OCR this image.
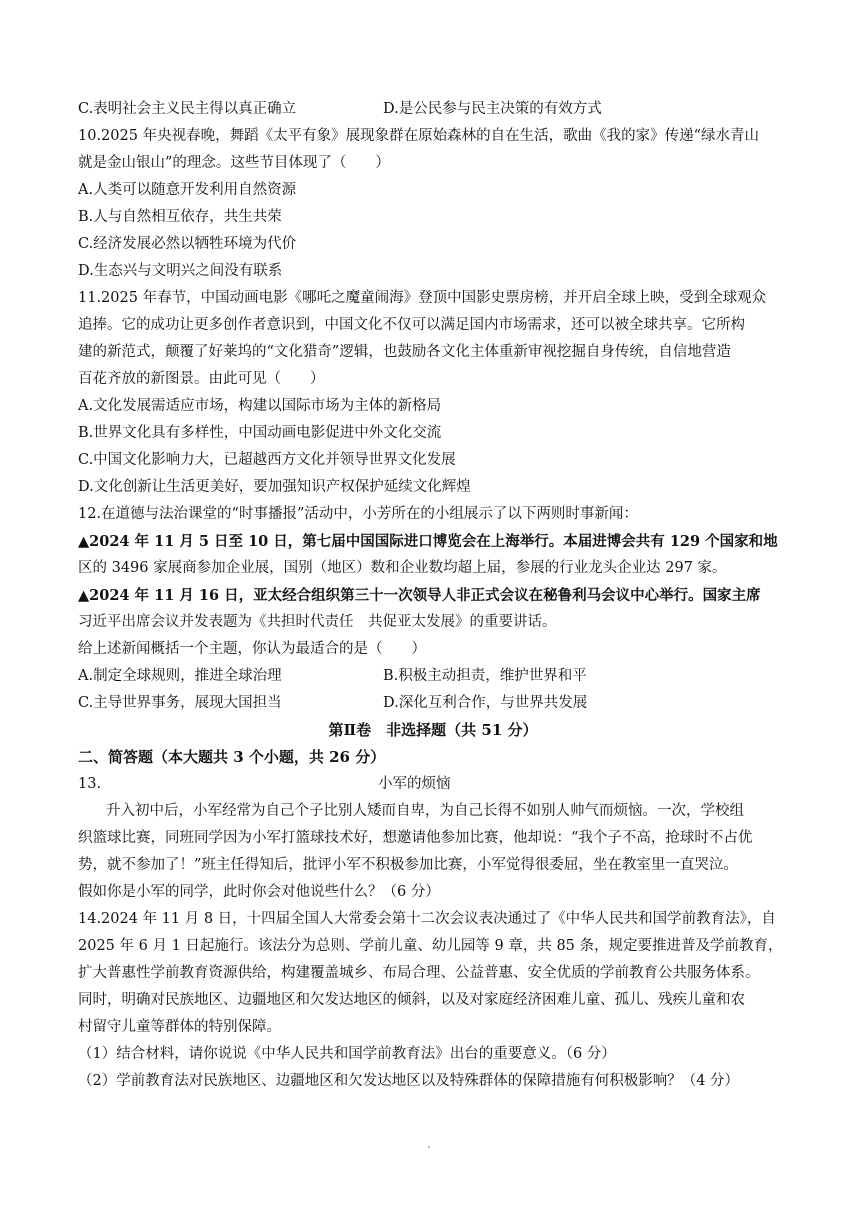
C.表明社会主义民主得以真正确立	D.是公民参与民主决策的有效方式
10.2025 年央视春晚，舞蹈《太平有象》展现象群在原始森林的自在生活，歌曲《我的家》传递“绿水青山
就是金山银山”的理念。这些节目体现了（　　）
A.人类可以随意开发利用自然资源
B.人与自然相互依存，共生共荣
C.经济发展必然以牺牲环境为代价
D.生态兴与文明兴之间没有联系
11.2025 年春节，中国动画电影《哪吒之魔童闹海》登顶中国影史票房榜，并开启全球上映，受到全球观众
追捧。它的成功让更多创作者意识到，中国文化不仅可以满足国内市场需求，还可以被全球共享。它所构
建的新范式，颠覆了好莱坞的“文化猎奇”逻辑，也鼓励各文化主体重新审视挖掘自身传统，自信地营造
百花齐放的新图景。由此可见（　　）
A.文化发展需适应市场，构建以国际市场为主体的新格局
B.世界文化具有多样性，中国动画电影促进中外文化交流
C.中国文化影响力大，已超越西方文化并领导世界文化发展
D.文化创新让生活更美好，要加强知识产权保护延续文化辉煌
12.在道德与法治课堂的“时事播报”活动中，小芳所在的小组展示了以下两则时事新闻：
▲2024 年 11 月 5 日至 10 日，第七届中国国际进口博览会在上海举行。本届进博会共有 129 个国家和地
区的 3496 家展商参加企业展，国别（地区）数和企业数均超上届，参展的行业龙头企业达 297 家。
▲2024 年 11 月 16 日，亚太经合组织第三十一次领导人非正式会议在秘鲁利马会议中心举行。国家主席
习近平出席会议并发表题为《共担时代责任　共促亚太发展》的重要讲话。
给上述新闻概括一个主题，你认为最适合的是（　　）
A.制定全球规则，推进全球治理	B.积极主动担责，维护世界和平
C.主导世界事务，展现大国担当	D.深化互利合作，与世界共发展
第Ⅱ卷　非选择题（共 51 分）
二、简答题（本大题共 3 个小题，共 26 分）
13.	小军的烦恼
升入初中后，小军经常为自己个子比别人矮而自卑，为自己长得不如别人帅气而烦恼。一次，学校组
织篮球比赛，同班同学因为小军打篮球技术好，想邀请他参加比赛，他却说：“我个子不高，抢球时不占优
势，就不参加了！”班主任得知后，批评小军不积极参加比赛，小军觉得很委屈，坐在教室里一直哭泣。
假如你是小军的同学，此时你会对他说些什么？（6 分）
14.2024 年 11 月 8 日，十四届全国人大常委会第十二次会议表决通过了《中华人民共和国学前教育法》，自
2025 年 6 月 1 日起施行。该法分为总则、学前儿童、幼儿园等 9 章，共 85 条，规定要推进普及学前教育，
扩大普惠性学前教育资源供给，构建覆盖城乡、布局合理、公益普惠、安全优质的学前教育公共服务体系。
同时，明确对民族地区、边疆地区和欠发达地区的倾斜，以及对家庭经济困难儿童、孤儿、残疾儿童和农
村留守儿童等群体的特别保障。
（1）结合材料，请你说说《中华人民共和国学前教育法》出台的重要意义。（6 分）
（2）学前教育法对民族地区、边疆地区和欠发达地区以及特殊群体的保障措施有何积极影响？（4 分）
